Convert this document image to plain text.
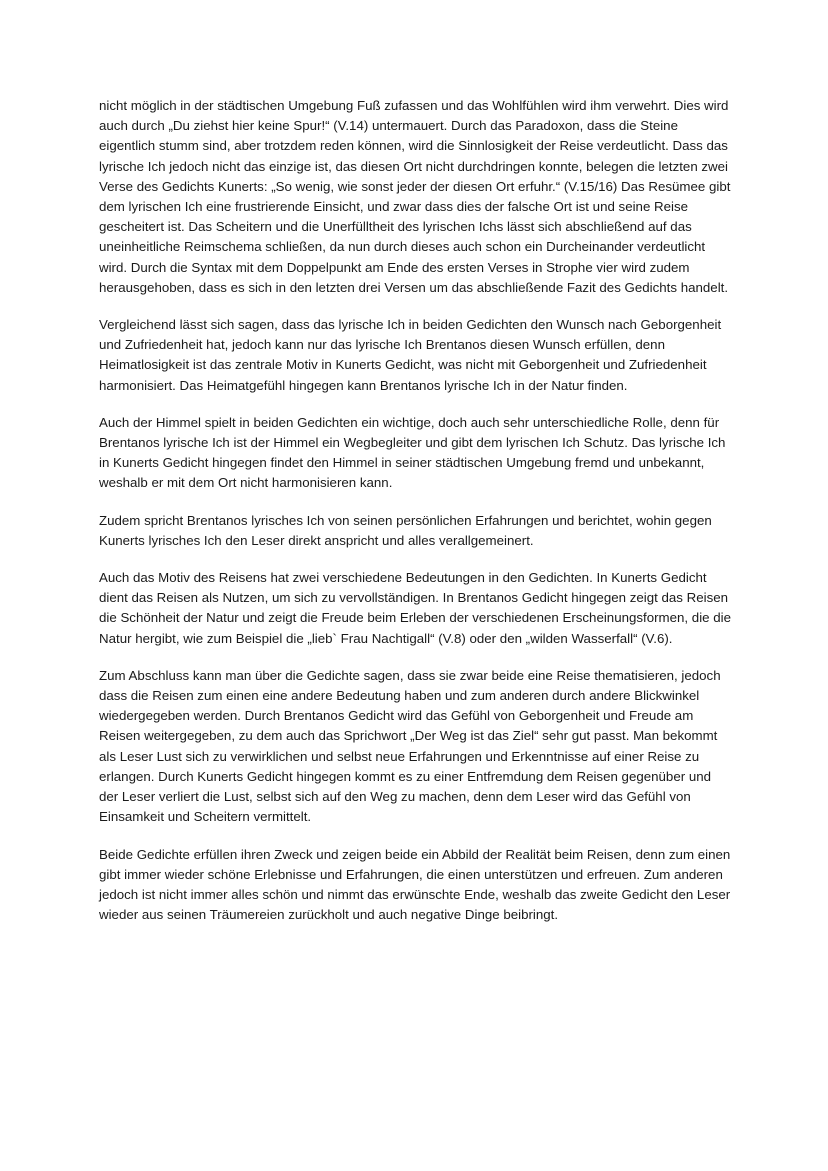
nicht möglich in der städtischen Umgebung Fuß zufassen und das Wohlfühlen wird ihm verwehrt. Dies wird auch durch „Du ziehst hier keine Spur!“ (V.14) untermauert. Durch das Paradoxon, dass die Steine eigentlich stumm sind, aber trotzdem reden können, wird die Sinnlosigkeit der Reise verdeutlicht. Dass das lyrische Ich jedoch nicht das einzige ist, das diesen Ort nicht durchdringen konnte, belegen die letzten zwei Verse des Gedichts Kunerts: „So wenig, wie sonst jeder der diesen Ort erfuhr.“ (V.15/16) Das Resümee gibt dem lyrischen Ich eine frustrierende Einsicht, und zwar dass dies der falsche Ort ist und seine Reise gescheitert ist. Das Scheitern und die Unerfülltheit des lyrischen Ichs lässt sich abschließend auf das uneinheitliche Reimschema schließen, da nun durch dieses auch schon ein Durcheinander verdeutlicht wird. Durch die Syntax mit dem Doppelpunkt am Ende des ersten Verses in Strophe vier wird zudem herausgehoben, dass es sich in den letzten drei Versen um das abschließende Fazit des Gedichts handelt.

Vergleichend lässt sich sagen, dass das lyrische Ich in beiden Gedichten den Wunsch nach Geborgenheit und Zufriedenheit hat, jedoch kann nur das lyrische Ich Brentanos diesen Wunsch erfüllen, denn Heimatlosigkeit ist das zentrale Motiv in Kunerts Gedicht, was nicht mit Geborgenheit und Zufriedenheit harmonisiert. Das Heimatgefühl hingegen kann Brentanos lyrische Ich in der Natur finden.

Auch der Himmel spielt in beiden Gedichten ein wichtige, doch auch sehr unterschiedliche Rolle, denn für Brentanos lyrische Ich ist der Himmel ein Wegbegleiter und gibt dem lyrischen Ich Schutz. Das lyrische Ich in Kunerts Gedicht hingegen findet den Himmel in seiner städtischen Umgebung fremd und unbekannt, weshalb er mit dem Ort nicht harmonisieren kann.

Zudem spricht Brentanos lyrisches Ich von seinen persönlichen Erfahrungen und berichtet, wohin gegen Kunerts lyrisches Ich den Leser direkt anspricht und alles verallgemeinert.

Auch das Motiv des Reisens hat zwei verschiedene Bedeutungen in den Gedichten. In Kunerts Gedicht dient das Reisen als Nutzen, um sich zu vervollständigen. In Brentanos Gedicht hingegen zeigt das Reisen die Schönheit der Natur und zeigt die Freude beim Erleben der verschiedenen Erscheinungsformen, die die Natur hergibt, wie zum Beispiel die „lieb` Frau Nachtigall“ (V.8) oder den „wilden Wasserfall“ (V.6).

Zum Abschluss kann man über die Gedichte sagen, dass sie zwar beide eine Reise thematisieren, jedoch dass die Reisen zum einen eine andere Bedeutung haben und zum anderen durch andere Blickwinkel wiedergegeben werden. Durch Brentanos Gedicht wird das Gefühl von Geborgenheit und Freude am Reisen weitergegeben, zu dem auch das Sprichwort „Der Weg ist das Ziel“ sehr gut passt. Man bekommt als Leser Lust sich zu verwirklichen und selbst neue Erfahrungen und Erkenntnisse auf einer Reise zu erlangen. Durch Kunerts Gedicht hingegen kommt es zu einer Entfremdung dem Reisen gegenüber und der Leser verliert die Lust, selbst sich auf den Weg zu machen, denn dem Leser wird das Gefühl von Einsamkeit und Scheitern vermittelt.

Beide Gedichte erfüllen ihren Zweck und zeigen beide ein Abbild der Realität beim Reisen, denn zum einen gibt immer wieder schöne Erlebnisse und Erfahrungen, die einen unterstützen und erfreuen. Zum anderen jedoch ist nicht immer alles schön und nimmt das erwünschte Ende, weshalb das zweite Gedicht den Leser wieder aus seinen Träumereien zurückholt und auch negative Dinge beibringt.
